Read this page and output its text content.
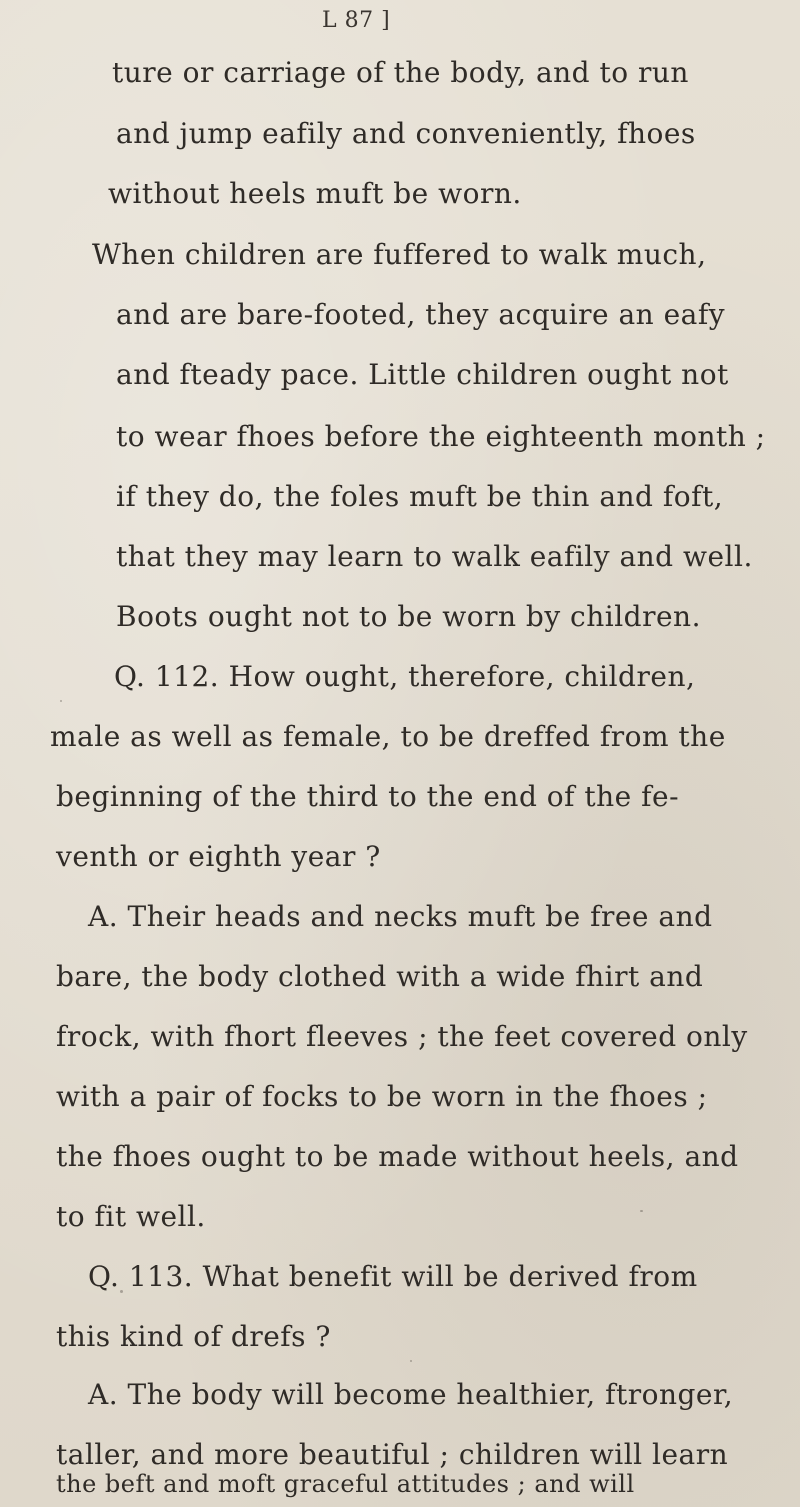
L 87 ]
ture or carriage of the body, and to run
and jump eafily and conveniently, fhoes
without heels muft be worn.
When children are fuffered to walk much,
and are bare-footed, they acquire an eafy
and fteady pace. Little children ought not
to wear fhoes before the eighteenth month ;
if they do, the foles muft be thin and foft,
that they may learn to walk eafily and well.
Boots ought not to be worn by children.
Q. 112. How ought, therefore, children,
male as well as female, to be dreffed from the
beginning of the third to the end of the fe-
venth or eighth year ?
A. Their heads and necks muft be free and
bare, the body clothed with a wide fhirt and
frock, with fhort fleeves ; the feet covered only
with a pair of focks to be worn in the fhoes ;
the fhoes ought to be made without heels, and
to fit well.
Q. 113. What benefit will be derived from
this kind of drefs ?
A. The body will become healthier, ftronger,
taller, and more beautiful ; children will learn
the beft and moft graceful attitudes ; and will
